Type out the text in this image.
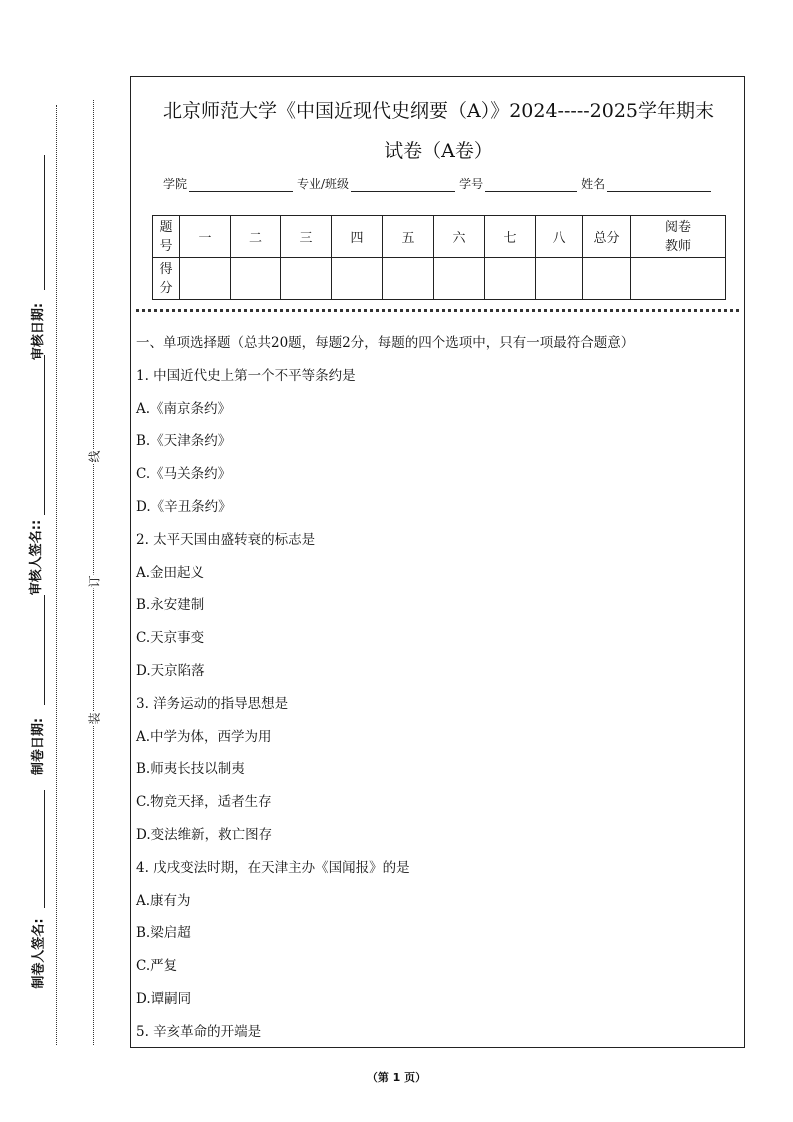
审核日期:
审核人签名::
制卷日期:
制卷人签名:
线
订
装
北京师范大学《中国近现代史纲要（A）》2024-----2025学年期末
试卷（A卷）
学院	专业/班级	学号	姓名
题
号	一	二	三	四	五	六	七	八	总分	阅卷
教师
得
分										
一、单项选择题（总共20题，每题2分，每题的四个选项中，只有一项最符合题意）
1. 中国近代史上第一个不平等条约是
A.《南京条约》
B.《天津条约》
C.《马关条约》
D.《辛丑条约》
2. 太平天国由盛转衰的标志是
A.金田起义
B.永安建制
C.天京事变
D.天京陷落
3. 洋务运动的指导思想是
A.中学为体，西学为用
B.师夷长技以制夷
C.物竞天择，适者生存
D.变法维新，救亡图存
4. 戊戌变法时期，在天津主办《国闻报》的是
A.康有为
B.梁启超
C.严复
D.谭嗣同
5. 辛亥革命的开端是
（第 1 页）
